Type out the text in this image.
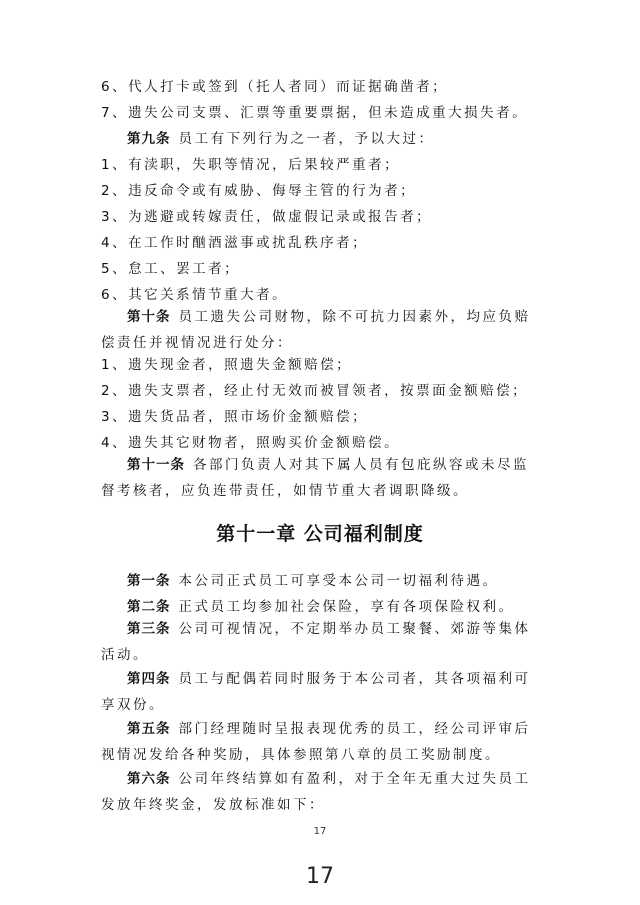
6、代人打卡或签到（托人者同）而证据确凿者；
7、遗失公司支票、汇票等重要票据，但未造成重大损失者。
第九条 员工有下列行为之一者，予以大过：
1、有渎职，失职等情况，后果较严重者；
2、违反命令或有威胁、侮辱主管的行为者；
3、为逃避或转嫁责任，做虚假记录或报告者；
4、在工作时酗酒滋事或扰乱秩序者；
5、怠工、罢工者；
6、其它关系情节重大者。
第十条 员工遗失公司财物，除不可抗力因素外，均应负赔偿责任并视情况进行处分：
1、遗失现金者，照遗失金额赔偿；
2、遗失支票者，经止付无效而被冒领者，按票面金额赔偿；
3、遗失货品者，照市场价金额赔偿；
4、遗失其它财物者，照购买价金额赔偿。
第十一条 各部门负责人对其下属人员有包庇纵容或未尽监督考核者，应负连带责任，如情节重大者调职降级。
第十一章 公司福利制度
第一条 本公司正式员工可享受本公司一切福利待遇。
第二条 正式员工均参加社会保险，享有各项保险权利。
第三条 公司可视情况，不定期举办员工聚餐、郊游等集体活动。
第四条 员工与配偶若同时服务于本公司者，其各项福利可享双份。
第五条 部门经理随时呈报表现优秀的员工，经公司评审后视情况发给各种奖励，具体参照第八章的员工奖励制度。
第六条 公司年终结算如有盈利，对于全年无重大过失员工发放年终奖金，发放标准如下：
17
17
